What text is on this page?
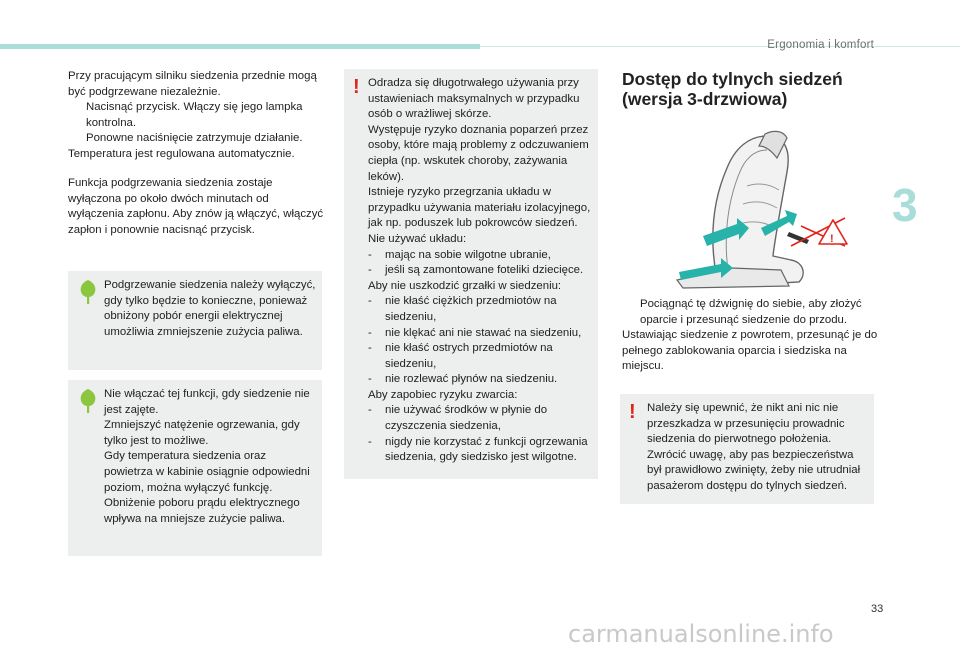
Ergonomia i komfort
3
Przy pracującym silniku siedzenia przednie mogą być podgrzewane niezależnie.
Nacisnąć przycisk. Włączy się jego lampka kontrolna.
Ponowne naciśnięcie zatrzymuje działanie.
Temperatura jest regulowana automatycznie.
Funkcja podgrzewania siedzenia zostaje wyłączona po około dwóch minutach od wyłączenia zapłonu. Aby znów ją włączyć, włączyć zapłon i ponownie nacisnąć przycisk.
Podgrzewanie siedzenia należy wyłączyć, gdy tylko będzie to konieczne, ponieważ obniżony pobór energii elektrycznej umożliwia zmniejszenie zużycia paliwa.
Nie włączać tej funkcji, gdy siedzenie nie jest zajęte.
Zmniejszyć natężenie ogrzewania, gdy tylko jest to możliwe.
Gdy temperatura siedzenia oraz powietrza w kabinie osiągnie odpowiedni poziom, można wyłączyć funkcję. Obniżenie poboru prądu elektrycznego wpływa na mniejsze zużycie paliwa.
! Odradza się długotrwałego używania przy ustawieniach maksymalnych w przypadku osób o wrażliwej skórze.
Występuje ryzyko doznania poparzeń przez osoby, które mają problemy z odczuwaniem ciepła (np. wskutek choroby, zażywania leków).
Istnieje ryzyko przegrzania układu w przypadku używania materiału izolacyjnego, jak np. poduszek lub pokrowców siedzeń.
Nie używać układu:
- mając na sobie wilgotne ubranie,
- jeśli są zamontowane foteliki dziecięce.
Aby nie uszkodzić grzałki w siedzeniu:
- nie kłaść ciężkich przedmiotów na siedzeniu,
- nie klękać ani nie stawać na siedzeniu,
- nie kłaść ostrych przedmiotów na siedzeniu,
- nie rozlewać płynów na siedzeniu.
Aby zapobiec ryzyku zwarcia:
- nie używać środków w płynie do czyszczenia siedzenia,
- nigdy nie korzystać z funkcji ogrzewania siedzenia, gdy siedzisko jest wilgotne.
Dostęp do tylnych siedzeń (wersja 3-drzwiowa)
!
Pociągnąć tę dźwignię do siebie, aby złożyć oparcie i przesunąć siedzenie do przodu.
Ustawiając siedzenie z powrotem, przesunąć je do pełnego zablokowania oparcia i siedziska na miejscu.
! Należy się upewnić, że nikt ani nic nie przeszkadza w przesunięciu prowadnic siedzenia do pierwotnego położenia. Zwrócić uwagę, aby pas bezpieczeństwa był prawidłowo zwinięty, żeby nie utrudniał pasażerom dostępu do tylnych siedzeń.
33
carmanualsonline.info
